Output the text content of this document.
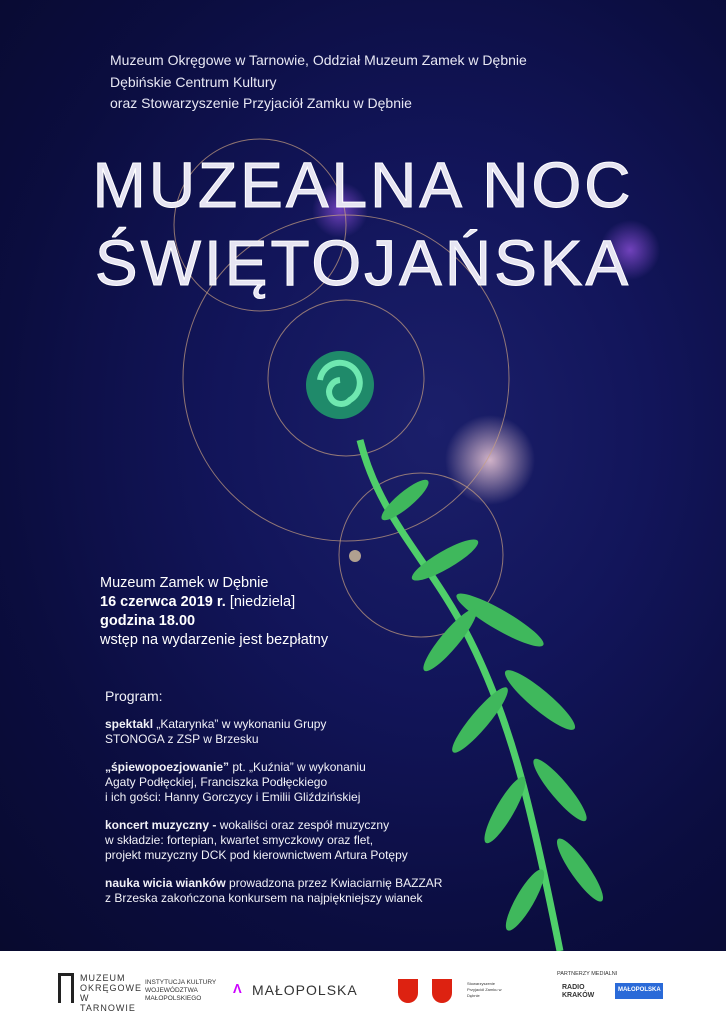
Muzeum Okręgowe w Tarnowie, Oddział Muzeum Zamek w Dębnie
Dębińskie Centrum Kultury
oraz Stowarzyszenie Przyjaciół Zamku w Dębnie
MUZEALNA NOC
ŚWIĘTOJAŃSKA
Muzeum Zamek w Dębnie
16 czerwca 2019 r. [niedziela]
godzina 18.00
wstęp na wydarzenie jest bezpłatny
Program:

spektakl „Katarynka” w wykonaniu Grupy
STONOGA z ZSP w Brzesku

„śpiewopoezjowanie” pt. „Kuźnia” w wykonaniu
Agaty Podłęckiej, Franciszka Podłęckiego
i ich gości: Hanny Gorczycy i Emilii Gliździńskiej

koncert muzyczny - wokaliści oraz zespół muzyczny
w składzie: fortepian, kwartet smyczkowy oraz flet,
projekt muzyczny DCK pod kierownictwem Artura Potępy

nauka wicia wianków prowadzona przez Kwiaciarnię BAZZAR
z Brzeska zakończona konkursem na najpiękniejszy wianek

MUZEUM OKRĘGOWE W TARNOWIE
INSTYTUCJA KULTURY WOJEWÓDZTWA MAŁOPOLSKIEGO
Λ MAŁOPOLSKA	Stowarzyszenie Przyjaciół Zamku w Dębnie
PARTNERZY MEDIALNI
RADIO KRAKÓW
MAŁOPOLSKA
